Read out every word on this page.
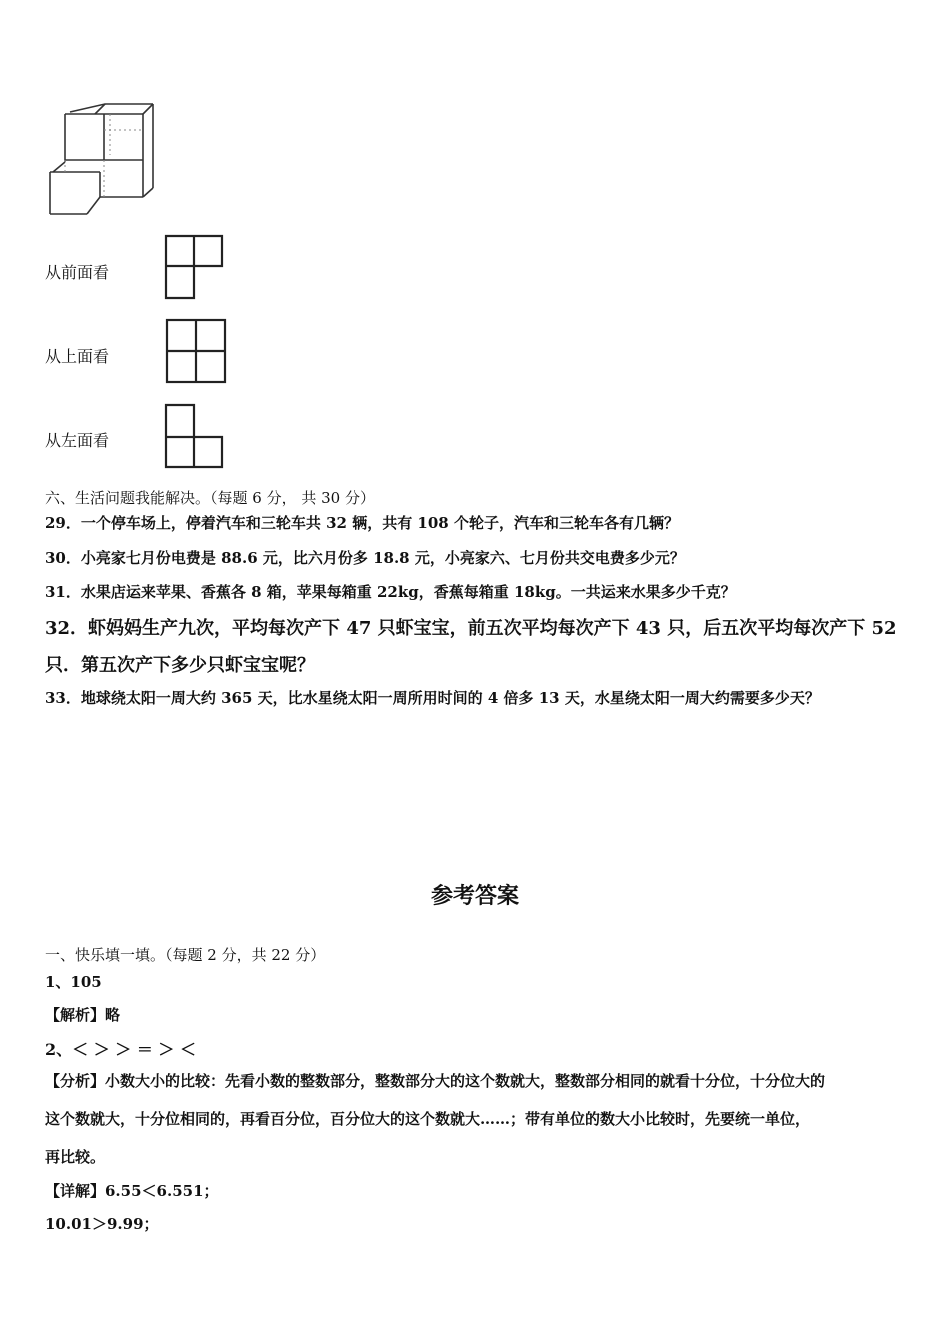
从前面看
从上面看
从左面看
六、生活问题我能解决。（每题 6 分， 共 30 分）
29．一个停车场上，停着汽车和三轮车共 32 辆，共有 108 个轮子，汽车和三轮车各有几辆？
30．小亮家七月份电费是 88.6 元，比六月份多 18.8 元，小亮家六、七月份共交电费多少元？
31．水果店运来苹果、香蕉各 8 箱，苹果每箱重 22kg，香蕉每箱重 18kg。一共运来水果多少千克？
32．虾妈妈生产九次，平均每次产下 47 只虾宝宝，前五次平均每次产下 43 只，后五次平均每次产下 52
只．第五次产下多少只虾宝宝呢？
33．地球绕太阳一周大约 365 天，比水星绕太阳一周所用时间的 4 倍多 13 天，水星绕太阳一周大约需要多少天？
参考答案
一、快乐填一填。（每题 2 分，共 22 分）
1、105
【解析】略
2、＜ ＞ ＞ ＝ ＞ ＜
【分析】小数大小的比较：先看小数的整数部分，整数部分大的这个数就大，整数部分相同的就看十分位，十分位大的
这个数就大，十分位相同的，再看百分位，百分位大的这个数就大……；带有单位的数大小比较时，先要统一单位，
再比较。
【详解】6.55＜6.551；
10.01＞9.99；
